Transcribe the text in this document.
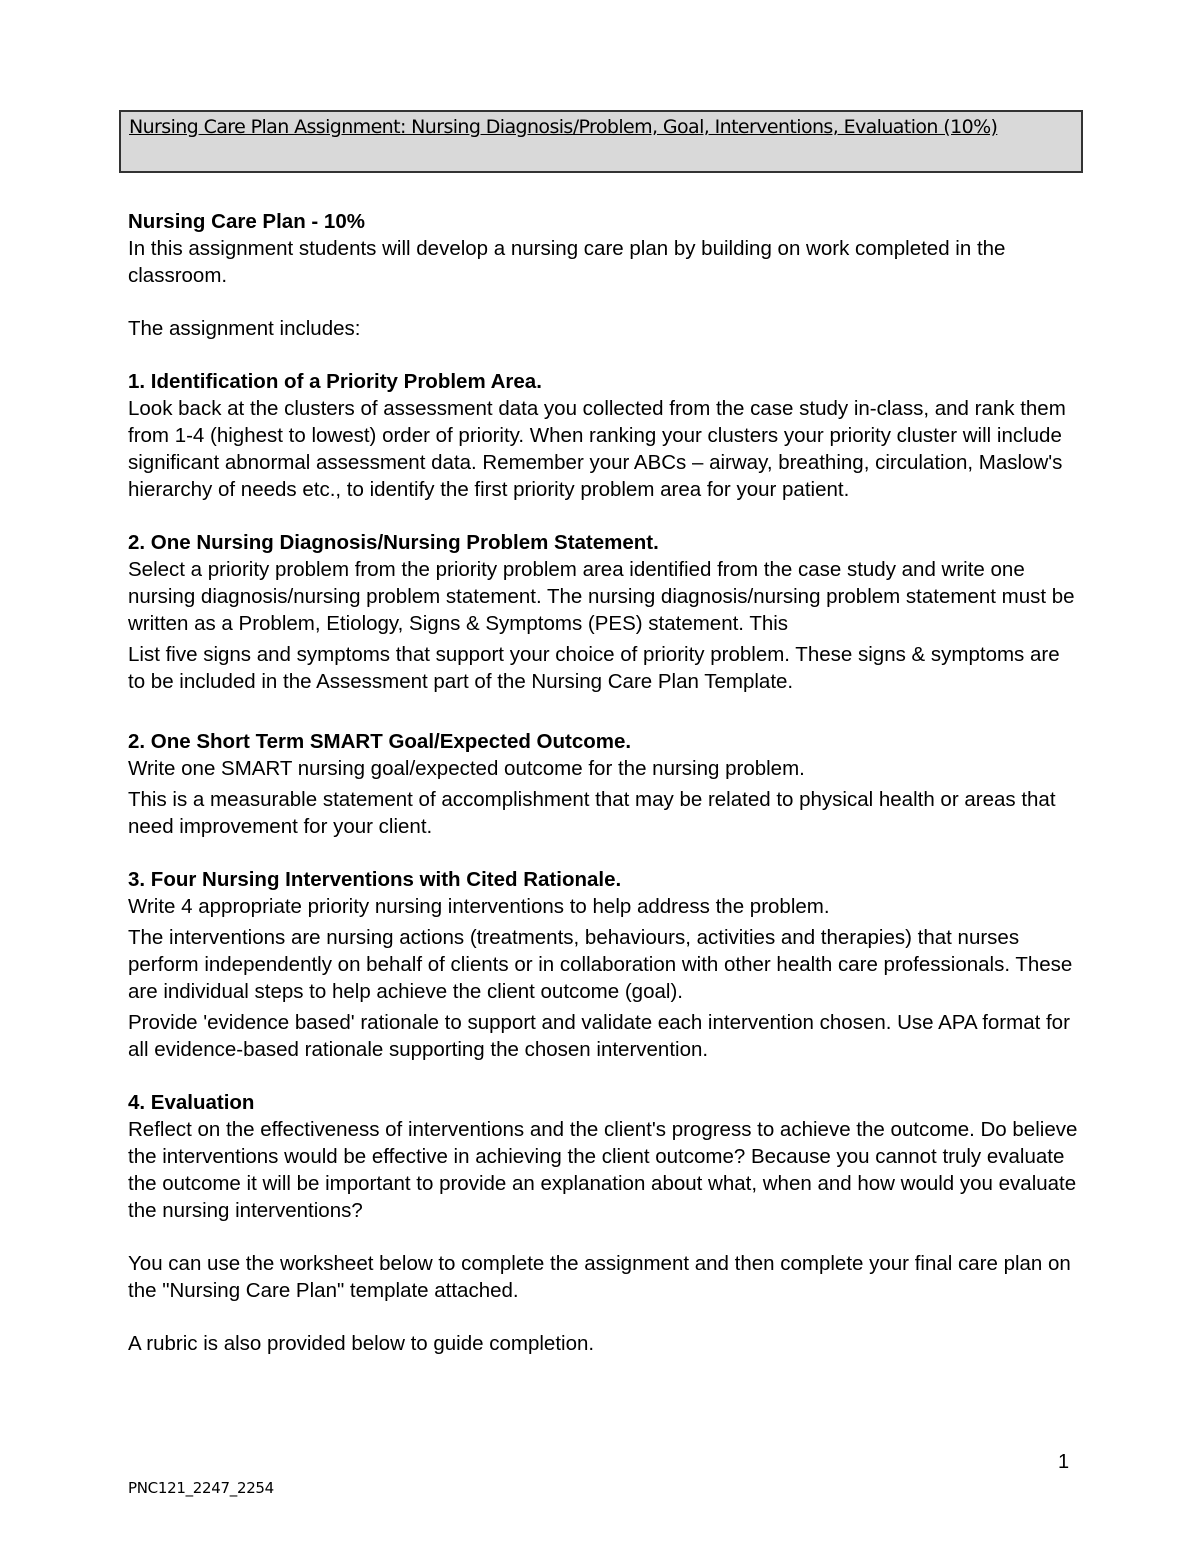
Nursing Care Plan Assignment: Nursing Diagnosis/Problem, Goal, Interventions, Evaluation (10%)
Nursing Care Plan - 10%

In this assignment students will develop a nursing care plan by building on work completed in the classroom.

The assignment includes:

1. Identification of a Priority Problem Area.

Look back at the clusters of assessment data you collected from the case study in-class, and rank them from 1-4 (highest to lowest) order of priority. When ranking your clusters your priority cluster will include significant abnormal assessment data. Remember your ABCs – airway, breathing, circulation, Maslow's hierarchy of needs etc., to identify the first priority problem area for your patient.

2. One Nursing Diagnosis/Nursing Problem Statement.

Select a priority problem from the priority problem area identified from the case study and write one nursing diagnosis/nursing problem statement. The nursing diagnosis/nursing problem statement must be written as a Problem, Etiology, Signs & Symptoms (PES) statement. This

List five signs and symptoms that support your choice of priority problem. These signs & symptoms are to be included in the Assessment part of the Nursing Care Plan Template.

2. One Short Term SMART Goal/Expected Outcome.

Write one SMART nursing goal/expected outcome for the nursing problem.

This is a measurable statement of accomplishment that may be related to physical health or areas that need improvement for your client.

3. Four Nursing Interventions with Cited Rationale.

Write 4 appropriate priority nursing interventions to help address the problem.

The interventions are nursing actions (treatments, behaviours, activities and therapies) that nurses perform independently on behalf of clients or in collaboration with other health care professionals. These are individual steps to help achieve the client outcome (goal).

Provide 'evidence based' rationale to support and validate each intervention chosen. Use APA format for all evidence-based rationale supporting the chosen intervention.

4. Evaluation

Reflect on the effectiveness of interventions and the client's progress to achieve the outcome. Do believe the interventions would be effective in achieving the client outcome? Because you cannot truly evaluate the outcome it will be important to provide an explanation about what, when and how would you evaluate the nursing interventions?

You can use the worksheet below to complete the assignment and then complete your final care plan on the "Nursing Care Plan" template attached.

A rubric is also provided below to guide completion.

1
PNC121_2247_2254
